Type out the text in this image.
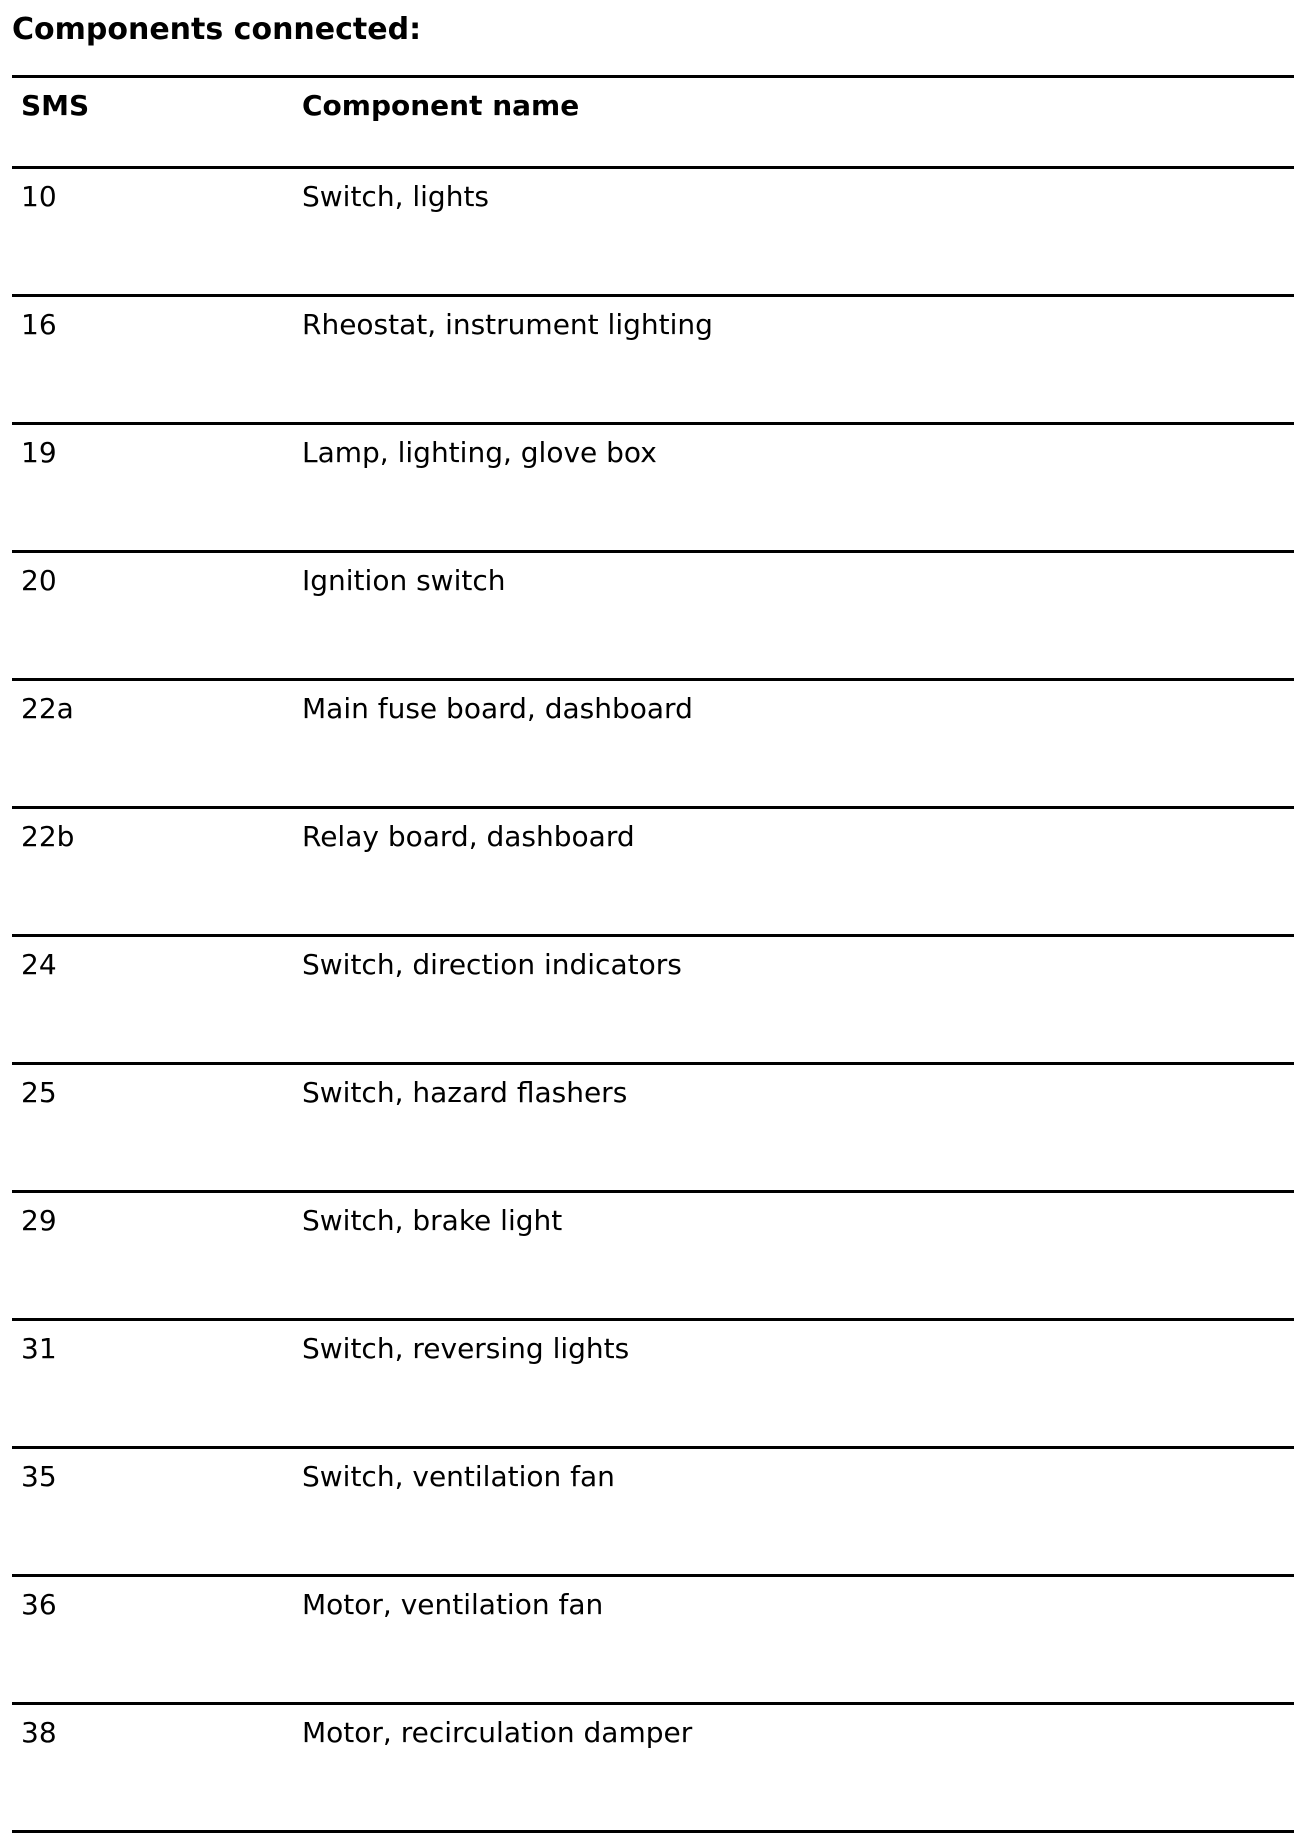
Components connected:
SMS	Component name
10	Switch, lights
16	Rheostat, instrument lighting
19	Lamp, lighting, glove box
20	Ignition switch
22a	Main fuse board, dashboard
22b	Relay board, dashboard
24	Switch, direction indicators
25	Switch, hazard flashers
29	Switch, brake light
31	Switch, reversing lights
35	Switch, ventilation fan
36	Motor, ventilation fan
38	Motor, recirculation damper
